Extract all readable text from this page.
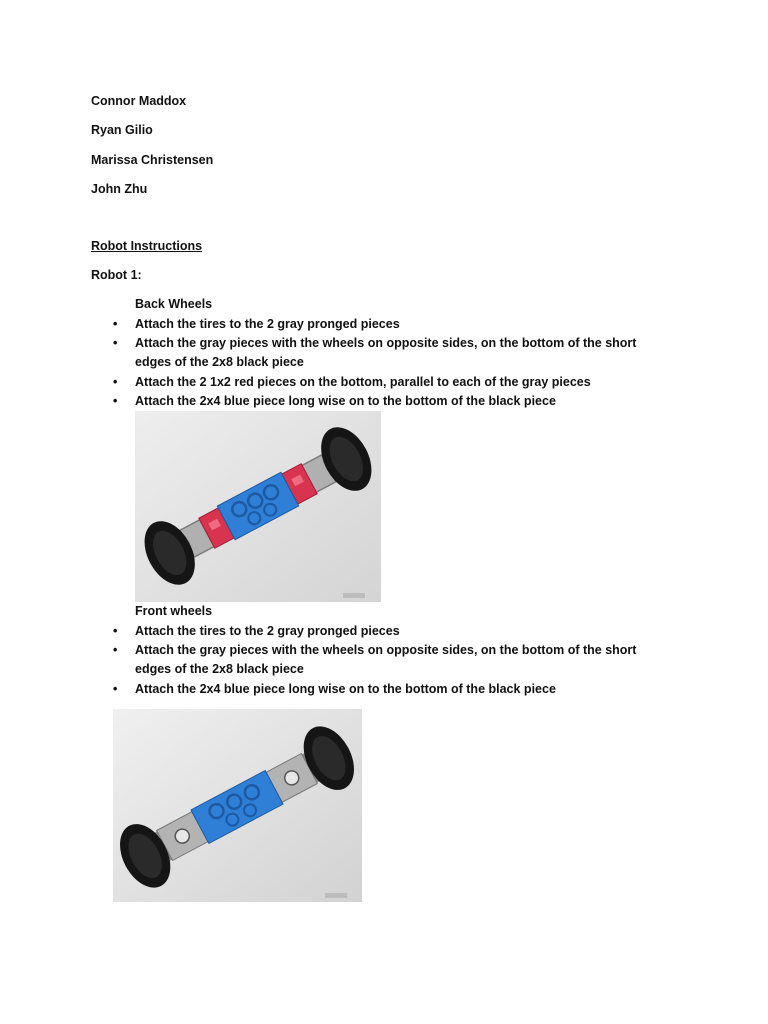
Connor Maddox
Ryan Gilio
Marissa Christensen
John Zhu
Robot Instructions
Robot 1:
Back Wheels
•	Attach the tires to the 2 gray pronged pieces
•	Attach the gray pieces with the wheels on opposite sides, on the bottom of the short edges of the 2x8 black piece
•	Attach the 2 1x2 red pieces on the bottom, parallel to each of the gray pieces
•	Attach the 2x4 blue piece long wise on to the bottom of the black piece
Front wheels
•	Attach the tires to the 2 gray pronged pieces
•	Attach the gray pieces with the wheels on opposite sides, on the bottom of the short edges of the 2x8 black piece
•	Attach the 2x4 blue piece long wise on to the bottom of the black piece
